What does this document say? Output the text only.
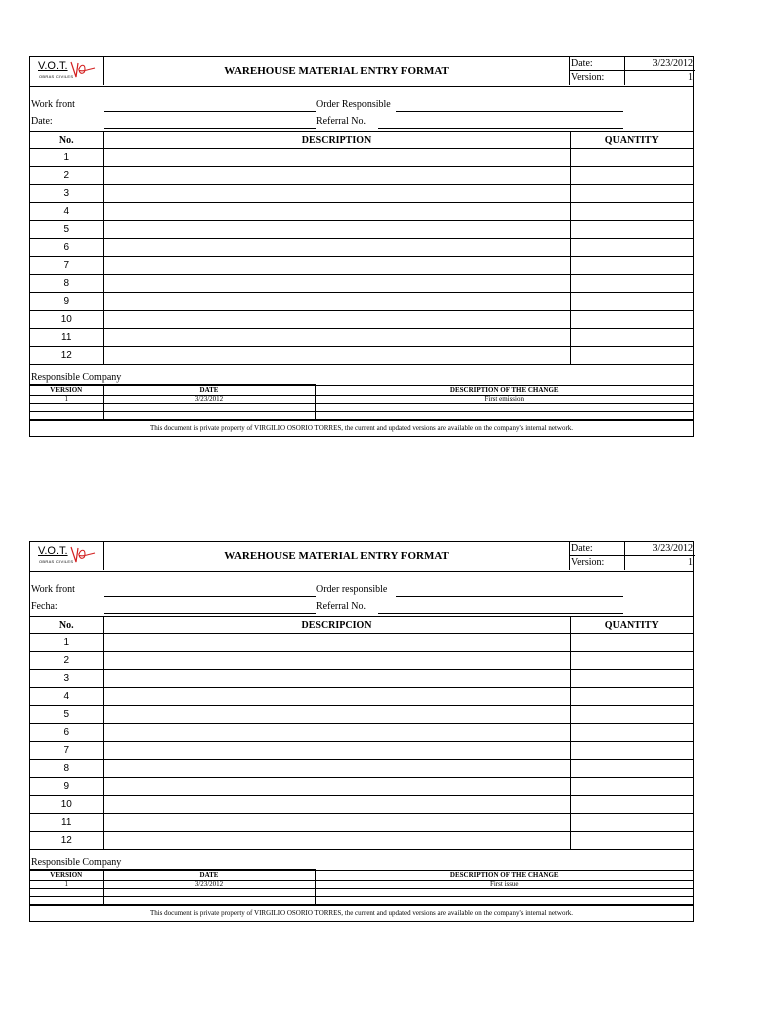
V.O.T.
OBRAS CIVILES	WAREHOUSE MATERIAL ENTRY FORMAT
Date:	3/23/2012
Version:	1
Work front	Order Responsible
Date:	Referral No.
No.	DESCRIPTION	QUANTITY
1		
2		
3		
4		
5		
6		
7		
8		
9		
10		
11		
12		
Responsible Company
VERSION	DATE	DESCRIPTION OF THE CHANGE
1	3/23/2012	First emission

This document is private property of VIRGILIO OSORIO TORRES, the current and updated versions are available on the company's internal network.
V.O.T.
OBRAS CIVILES	WAREHOUSE MATERIAL ENTRY FORMAT
Date:	3/23/2012
Version:	1
Work front	Order responsible
Fecha:	Referral No.
No.	DESCRIPCION	QUANTITY
1		
2		
3		
4		
5		
6		
7		
8		
9		
10		
11		
12		
Responsible Company
VERSION	DATE	DESCRIPTION OF THE CHANGE
1	3/23/2012	First issue

This document is private property of VIRGILIO OSORIO TORRES, the current and updated versions are available on the company's internal network.
